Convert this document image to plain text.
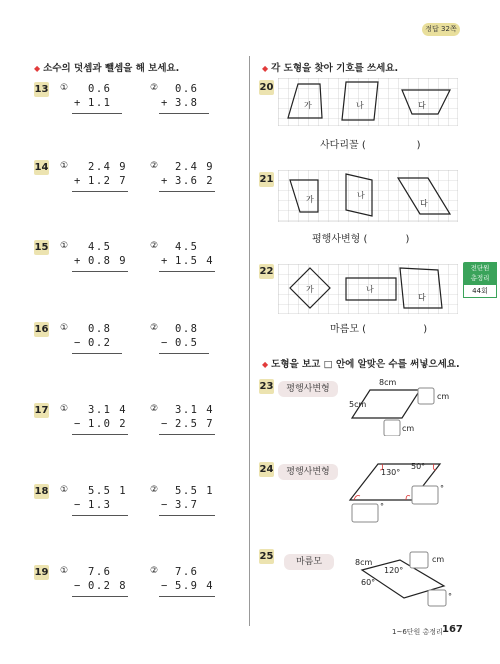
정답 32쪽
◆ 소수의 덧셈과 뺄셈을 해 보세요.	◆ 각 도형을 찾아 기호를 쓰세요.
◆ 도형을 보고 □ 안에 알맞은 수를 써넣으세요.
13 ① 0.6
+ 1.1
② 0.6
+ 3.8
14 ① 2.4 9
+ 1.2 7
② 2.4 9
+ 3.6 2
15 ① 4.5
+ 0.8 9
② 4.5
+ 1.5 4
16 ① 0.8
− 0.2
② 0.8
− 0.5
17 ① 3.1 4
− 1.0 2
② 3.1 4
− 2.5 7
18 ① 5.5 1
− 1.3
② 5.5 1
− 3.7
19 ① 7.6
− 0.2 8
② 7.6
− 5.9 4
20
가	나	다
사다리꼴 (                )
21
가	나
다
평행사변형 (            )
22
가	나
다
마름모 (                  )
전단원
총정리
44회
23	평행사변형
8cm
5cm
cm
cm
24	평행사변형	130°
50°
°
°
25	마름모	8cm	cm
120°
60°
°
1~6단원 총정리 167
